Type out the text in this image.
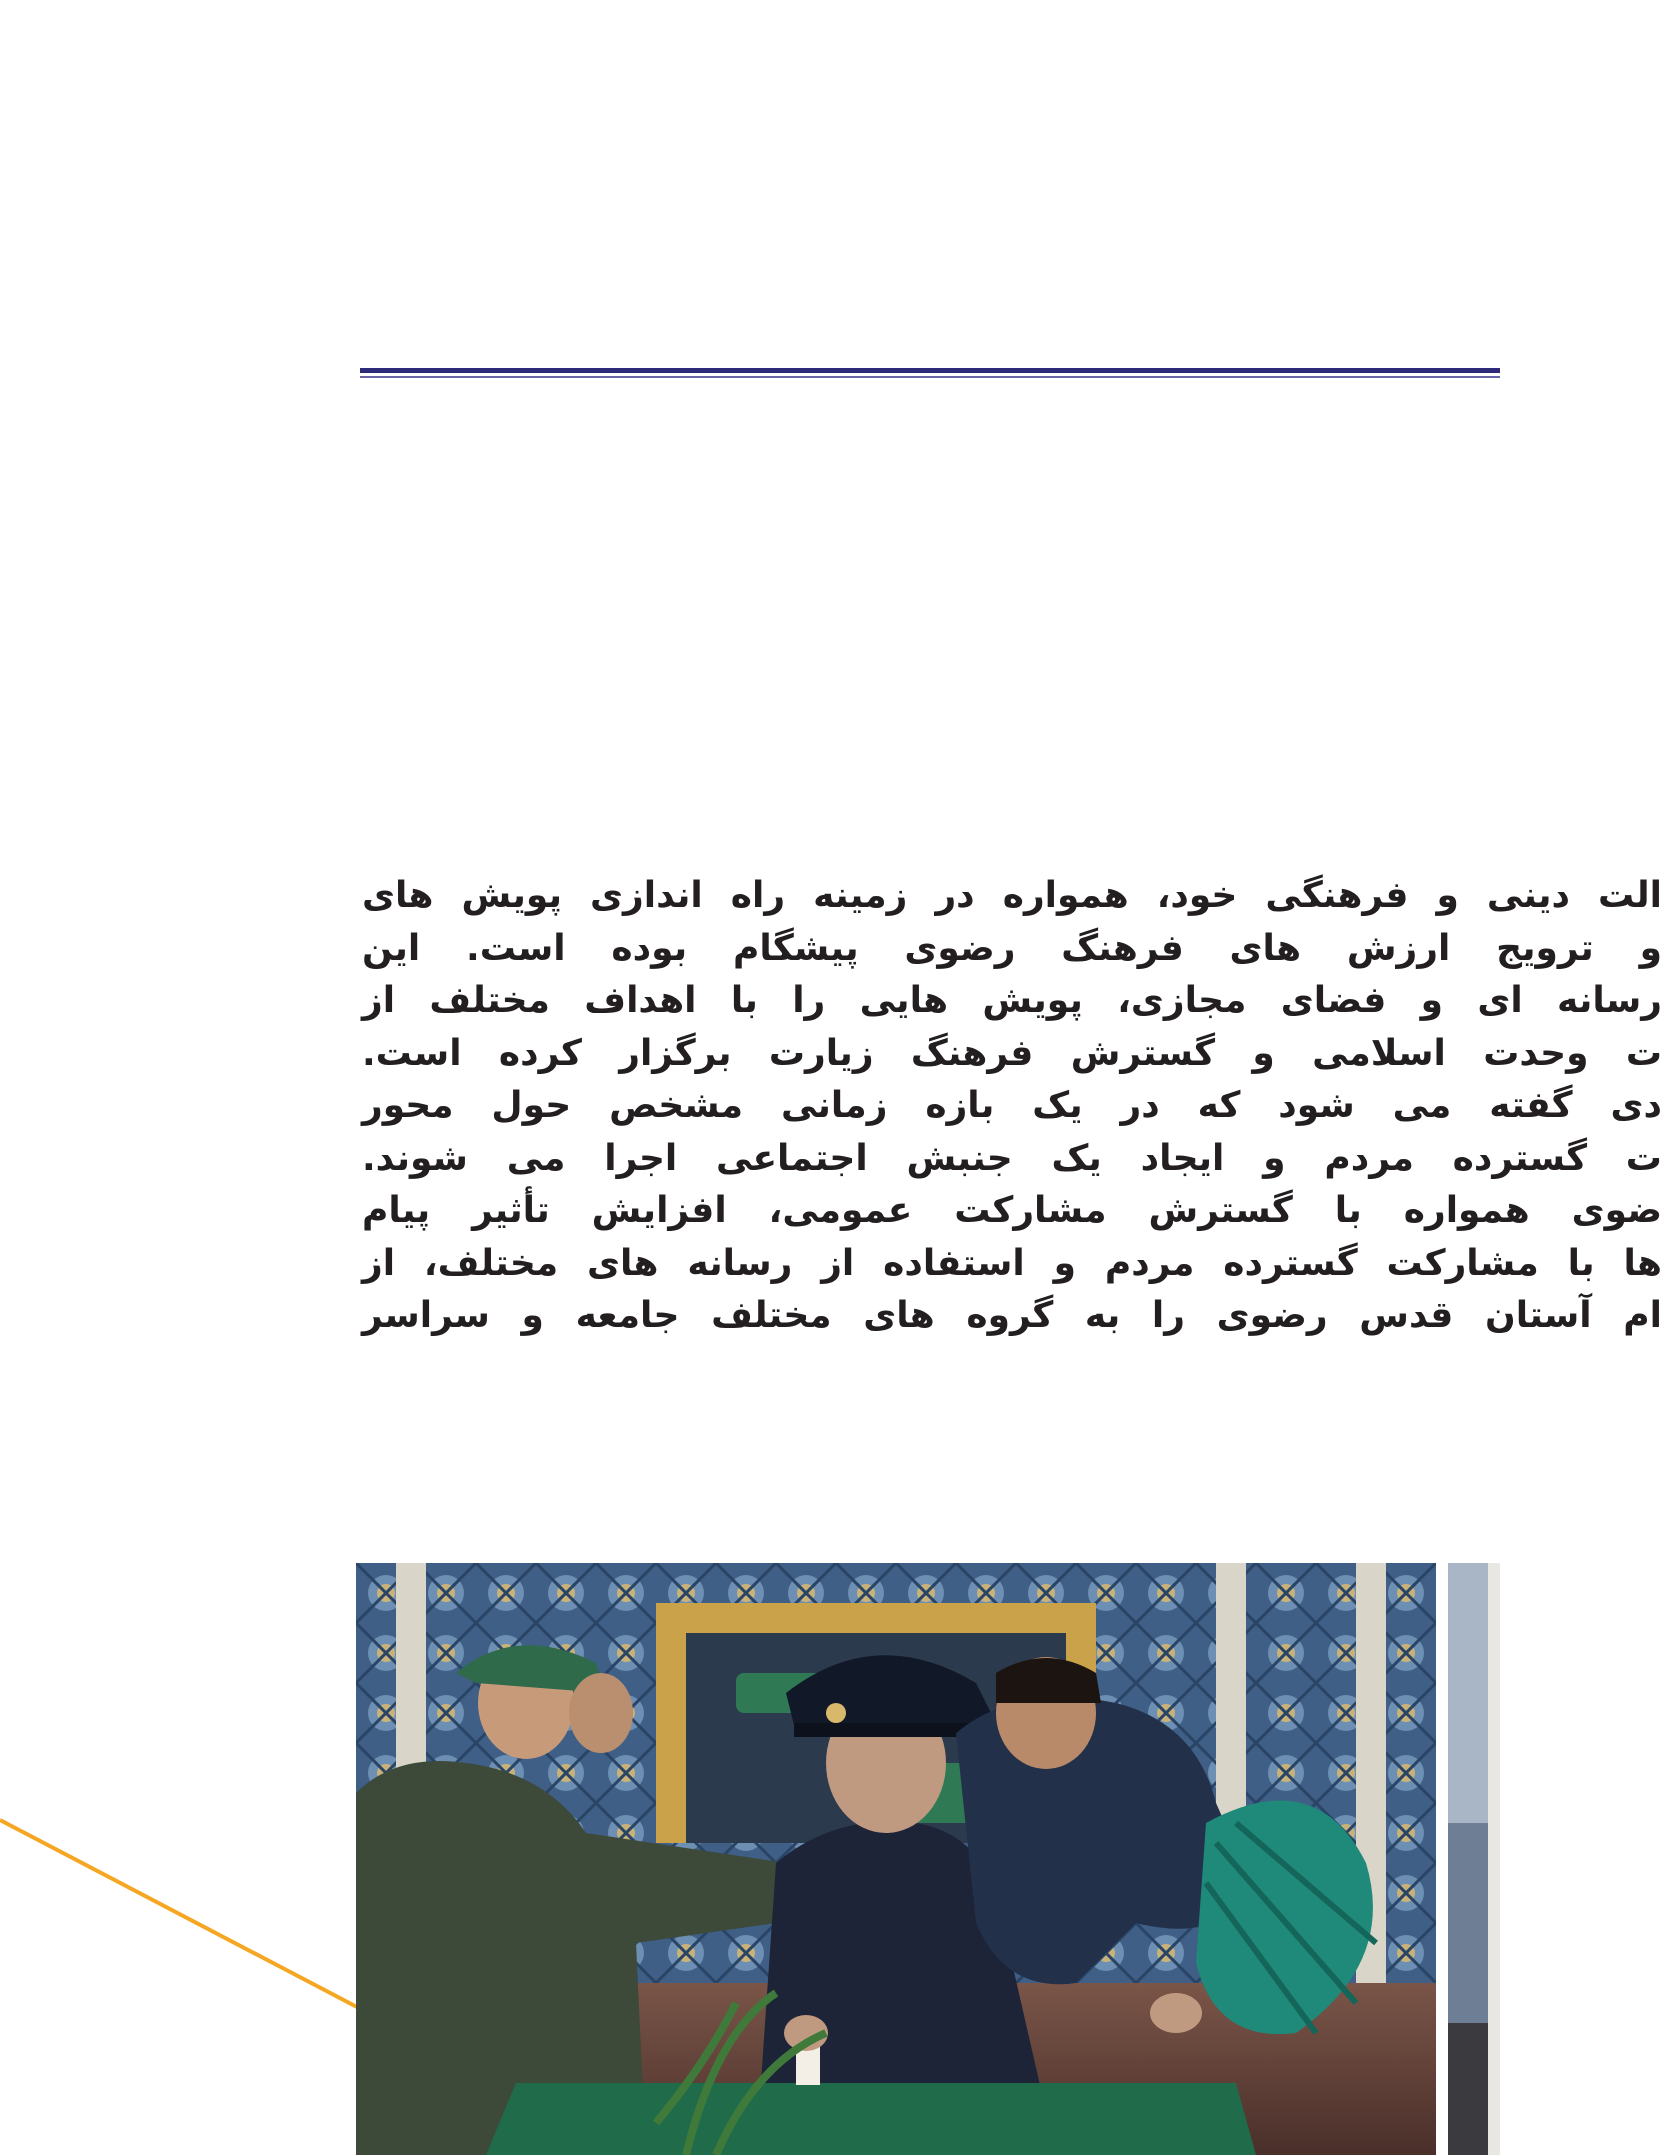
الت دینی و فرهنگی خود، همواره در زمینه راه اندازی پویش های
و ترویج ارزش های فرهنگ رضوی پیشگام بوده است. این
رسانه ای و فضای مجازی، پویش هایی را با اهداف مختلف از
ت وحدت اسلامی و گسترش فرهنگ زیارت برگزار کرده است.
دی گفته می شود که در یک بازه زمانی مشخص حول محور
ت گسترده مردم و ایجاد یک جنبش اجتماعی اجرا می شوند.
ضوی همواره با گسترش مشارکت عمومی، افزایش تأثیر پیام
ها با مشارکت گسترده مردم و استفاده از رسانه های مختلف، از
ام آستان قدس رضوی را به گروه های مختلف جامعه و سراسر
